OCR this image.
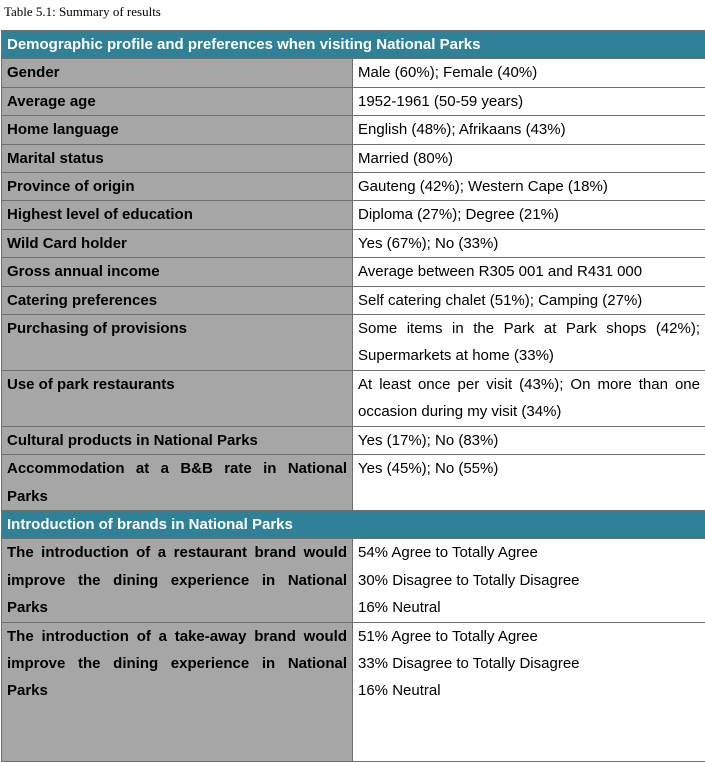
Table 5.1: Summary of results
Demographic profile and preferences when visiting National Parks	
Gender	Male (60%); Female (40%)
Average age	1952-1961 (50-59 years)
Home language	English (48%); Afrikaans (43%)
Marital status	Married (80%)
Province of origin	Gauteng (42%); Western Cape (18%)
Highest level of education	Diploma (27%); Degree (21%)
Wild Card holder	Yes (67%); No (33%)
Gross annual income	Average between R305 001 and R431 000
Catering preferences	Self catering chalet (51%); Camping (27%)
Purchasing of provisions	Some items in the Park at Park shops (42%); Supermarkets at home (33%)
Use of park restaurants	At least once per visit (43%); On more than one occasion during my visit (34%)
Cultural products in National Parks	Yes (17%); No (83%)
Accommodation at a B&B rate in National Parks	Yes (45%); No (55%)
Introduction of brands in National Parks	
The introduction of a restaurant brand would improve the dining experience in National Parks	54% Agree to Totally Agree
30% Disagree to Totally Disagree
16% Neutral

The introduction of a take-away brand would improve the dining experience in National Parks	51% Agree to Totally Agree
33% Disagree to Totally Disagree
16% Neutral
